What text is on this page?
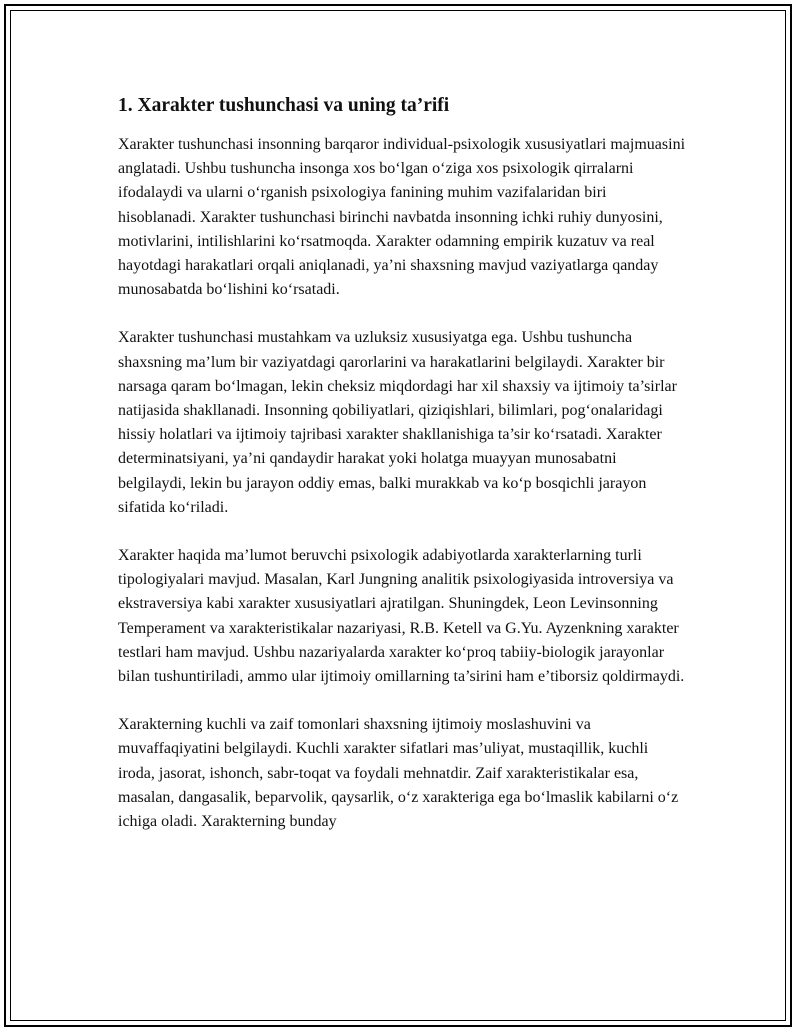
1. Xarakter tushunchasi va uning ta’rifi

Xarakter tushunchasi insonning barqaror individual-psixologik xususiyatlari majmuasini anglatadi. Ushbu tushuncha insonga xos bo‘lgan o‘ziga xos psixologik qirralarni ifodalaydi va ularni o‘rganish psixologiya fanining muhim vazifalaridan biri hisoblanadi. Xarakter tushunchasi birinchi navbatda insonning ichki ruhiy dunyosini, motivlarini, intilishlarini ko‘rsatmoqda. Xarakter odamning empirik kuzatuv va real hayotdagi harakatlari orqali aniqlanadi, ya’ni shaxsning mavjud vaziyatlarga qanday munosabatda bo‘lishini ko‘rsatadi.

Xarakter tushunchasi mustahkam va uzluksiz xususiyatga ega. Ushbu tushuncha shaxsning ma’lum bir vaziyatdagi qarorlarini va harakatlarini belgilaydi. Xarakter bir narsaga qaram bo‘lmagan, lekin cheksiz miqdordagi har xil shaxsiy va ijtimoiy ta’sirlar natijasida shakllanadi. Insonning qobiliyatlari, qiziqishlari, bilimlari, pog‘onalaridagi hissiy holatlari va ijtimoiy tajribasi xarakter shakllanishiga ta’sir ko‘rsatadi. Xarakter determinatsiyani, ya’ni qandaydir harakat yoki holatga muayyan munosabatni belgilaydi, lekin bu jarayon oddiy emas, balki murakkab va ko‘p bosqichli jarayon sifatida ko‘riladi.

Xarakter haqida ma’lumot beruvchi psixologik adabiyotlarda xarakterlarning turli tipologiyalari mavjud. Masalan, Karl Jungning analitik psixologiyasida introversiya va ekstraversiya kabi xarakter xususiyatlari ajratilgan. Shuningdek, Leon Levinsonning Temperament va xarakteristikalar nazariyasi, R.B. Ketell va G.Yu. Ayzenkning xarakter testlari ham mavjud. Ushbu nazariyalarda xarakter ko‘proq tabiiy-biologik jarayonlar bilan tushuntiriladi, ammo ular ijtimoiy omillarning ta’sirini ham e’tiborsiz qoldirmaydi.

Xarakterning kuchli va zaif tomonlari shaxsning ijtimoiy moslashuvini va muvaffaqiyatini belgilaydi. Kuchli xarakter sifatlari mas’uliyat, mustaqillik, kuchli iroda, jasorat, ishonch, sabr-toqat va foydali mehnatdir. Zaif xarakteristikalar esa, masalan, dangasalik, beparvolik, qaysarlik, o‘z xarakteriga ega bo‘lmaslik kabilarni o‘z ichiga oladi. Xarakterning bunday
